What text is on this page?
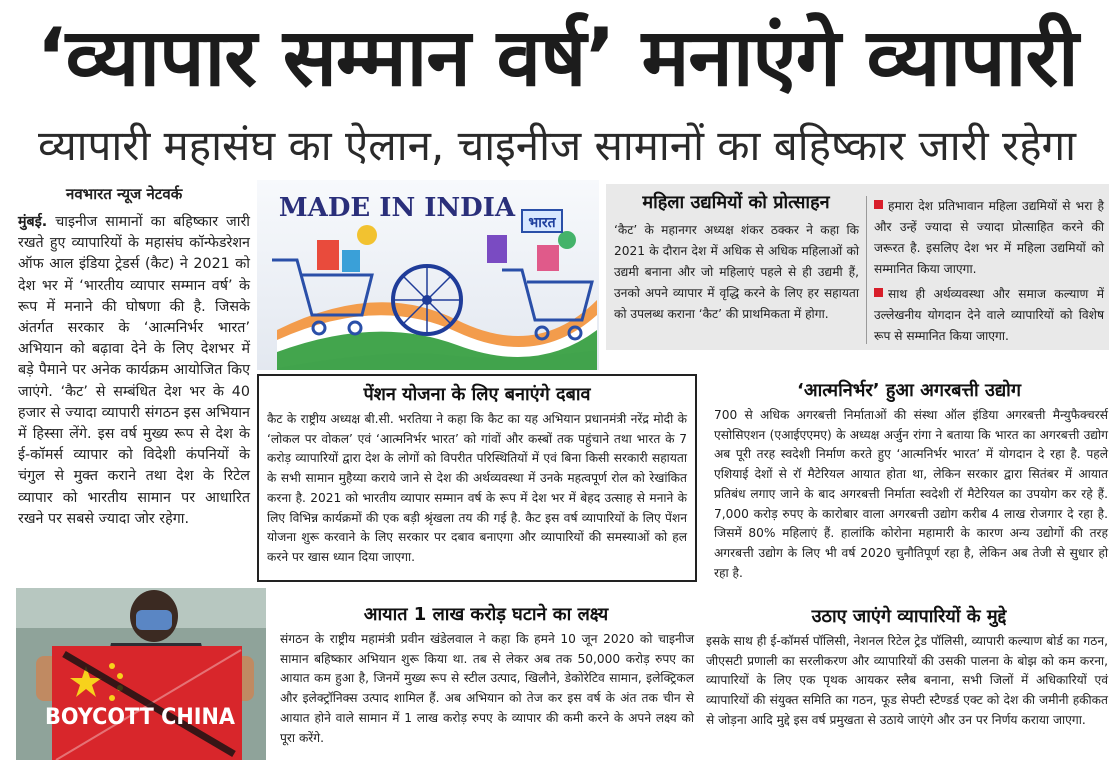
‘व्यापार सम्मान वर्ष’ मनाएंगे व्यापारी
व्यापारी महासंघ का ऐलान, चाइनीज सामानों का बहिष्कार जारी रहेगा
नवभारत न्यूज नेटवर्क
मुंबई. चाइनीज सामानों का बहिष्कार जारी रखते हुए व्यापारियों के महासंघ कॉन्फेडरेशन ऑफ आल इंडिया ट्रेडर्स (कैट) ने 2021 को देश भर में ‘भारतीय व्यापार सम्मान वर्ष’ के रूप में मनाने की घोषणा की है. जिसके अंतर्गत सरकार के ‘आत्मनिर्भर भारत’ अभियान को बढ़ावा देने के लिए देशभर में बड़े पैमाने पर अनेक कार्यक्रम आयोजित किए जाएंगे. ‘कैट’ से सम्बंधित देश भर के 40 हजार से ज्यादा व्यापारी संगठन इस अभियान में हिस्सा लेंगे. इस वर्ष मुख्य रूप से देश के ई-कॉमर्स व्यापार को विदेशी कंपनियों के चंगुल से मुक्त कराने तथा देश के रिटेल व्यापार को भारतीय सामान पर आधारित रखने पर सबसे ज्यादा जोर रहेगा.
भारत
MADE IN INDIA	महिला उद्यमियों को प्रोत्साहन
‘कैट’ के महानगर अध्यक्ष शंकर ठक्कर ने कहा कि 2021 के दौरान देश में अधिक से अधिक महिलाओं को उद्यमी बनाना और जो महिलाएं पहले से ही उद्यमी हैं, उनको अपने व्यापार में वृद्धि करने के लिए हर सहायता को उपलब्ध कराना ‘कैट’ की प्राथमिकता में होगा.
हमारा देश प्रतिभावान महिला उद्यमियों से भरा है और उन्हें ज्यादा से ज्यादा प्रोत्साहित करने की जरूरत है. इसलिए देश भर में महिला उद्यमियों को सम्मानित किया जाएगा.
साथ ही अर्थव्यवस्था और समाज कल्याण में उल्लेखनीय योगदान देने वाले व्यापारियों को विशेष रूप से सम्मानित किया जाएगा.
पेंशन योजना के लिए बनाएंगे दबाव
कैट के राष्ट्रीय अध्यक्ष बी.सी. भरतिया ने कहा कि कैट का यह अभियान प्रधानमंत्री नरेंद्र मोदी के ‘लोकल पर वोकल’ एवं ‘आत्मनिर्भर भारत’ को गांवों और कस्बों तक पहुंचाने तथा भारत के 7 करोड़ व्यापारियों द्वारा देश के लोगों को विपरीत परिस्थितियों में एवं बिना किसी सरकारी सहायता के सभी सामान मुहैय्या कराये जाने से देश की अर्थव्यवस्था में उनके महत्वपूर्ण रोल को रेखांकित करना है. 2021 को भारतीय व्यापार सम्मान वर्ष के रूप में देश भर में बेहद उत्साह से मनाने के लिए विभिन्न कार्यक्रमों की एक बड़ी श्रृंखला तय की गई है. कैट इस वर्ष व्यापारियों के लिए पेंशन योजना शुरू करवाने के लिए सरकार पर दबाव बनाएगा और व्यापारियों की समस्याओं को हल करने पर खास ध्यान दिया जाएगा.
‘आत्मनिर्भर’ हुआ अगरबत्ती उद्योग
700 से अधिक अगरबत्ती निर्माताओं की संस्था ऑल इंडिया अगरबत्ती मैन्युफैक्चरर्स एसोसिएशन (एआईएएमए) के अध्यक्ष अर्जुन रांगा ने बताया कि भारत का अगरबत्ती उद्योग अब पूरी तरह स्वदेशी निर्माण करते हुए ‘आत्मनिर्भर भारत’ में योगदान दे रहा है. पहले एशियाई देशों से रॉ मैटेरियल आयात होता था, लेकिन सरकार द्वारा सितंबर में आयात प्रतिबंध लगाए जाने के बाद अगरबत्ती निर्माता स्वदेशी रॉ मैटेरियल का उपयोग कर रहे हैं. 7,000 करोड़ रुपए के कारोबार वाला अगरबत्ती उद्योग करीब 4 लाख रोजगार दे रहा है. जिसमें 80% महिलाएं हैं. हालांकि कोरोना महामारी के कारण अन्य उद्योगों की तरह अगरबत्ती उद्योग के लिए भी वर्ष 2020 चुनौतिपूर्ण रहा है, लेकिन अब तेजी से सुधार हो रहा है.
BOYCOTT CHINA
आयात 1 लाख करोड़ घटाने का लक्ष्य
संगठन के राष्ट्रीय महामंत्री प्रवीन खंडेलवाल ने कहा कि हमने 10 जून 2020 को चाइनीज सामान बहिष्कार अभियान शुरू किया था. तब से लेकर अब तक 50,000 करोड़ रुपए का आयात कम हुआ है, जिनमें मुख्य रूप से स्टील उत्पाद, खिलौने, डेकोरेटिव सामान, इलेक्ट्रिकल और इलेक्ट्रॉनिक्स उत्पाद शामिल हैं. अब अभियान को तेज कर इस वर्ष के अंत तक चीन से आयात होने वाले सामान में 1 लाख करोड़ रुपए के व्यापार की कमी करने के अपने लक्ष्य को पूरा करेंगे.
उठाए जाएंगे व्यापारियों के मुद्दे
इसके साथ ही ई-कॉमर्स पॉलिसी, नेशनल रिटेल ट्रेड पॉलिसी, व्यापारी कल्याण बोर्ड का गठन, जीएसटी प्रणाली का सरलीकरण और व्यापारियों की उसकी पालना के बोझ को कम करना, व्यापारियों के लिए एक पृथक आयकर स्लैब बनाना, सभी जिलों में अधिकारियों एवं व्यापारियों की संयुक्त समिति का गठन, फूड सेफ्टी स्टैण्डर्ड एक्ट को देश की जमीनी हकीकत से जोड़ना आदि मुद्दे इस वर्ष प्रमुखता से उठाये जाएंगे और उन पर निर्णय कराया जाएगा.
